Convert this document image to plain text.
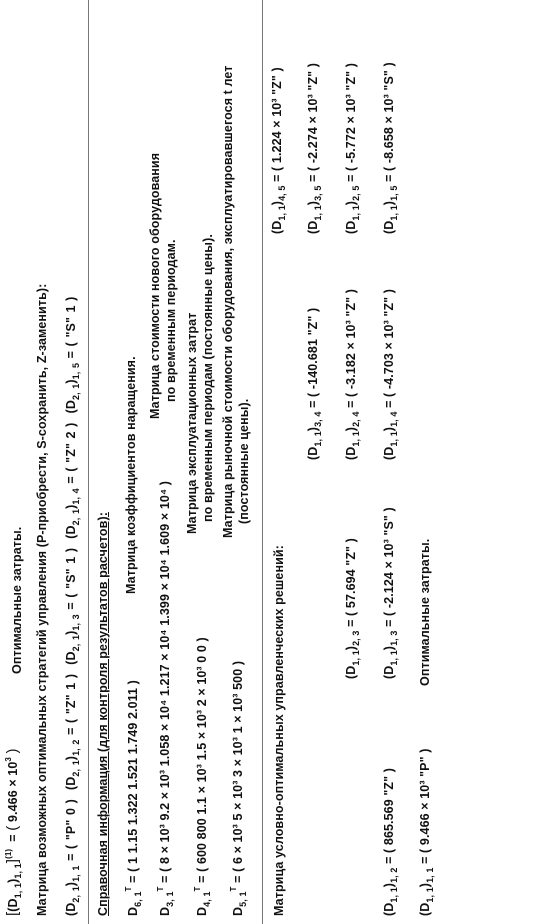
$[(D_{1, 1})_{1, 1}]^{(1)}$  = ( $9.466 \times 10^3$ )
Оптимальные затраты. Матрица возможных оптимальных стратегий управления (P-приобрести, S-сохранить, Z-заменить): $(D_{2, 1})_{1, 1}$ = ( "P" 0 )  $(D_{2, 1})_{1, 2}$ = ( "Z" 1 )  $(D_{2, 1})_{1, 3}$ = ( "S" 1 )  $(D_{2, 1})_{1, 4}$ = ( "Z" 2 )  $(D_{2, 1})_{1, 5}$ = ( "S" 1 )
Справочная информация (для контроля результатов расчетов): $D_{6, 1}^T$ = ( 1 1.15 1.322 1.521 1.749 2.011 )
Матрица коэффициентов наращения.
$D_{3, 1}^T$ = ( 8 × 10³ 9.2 × 10³ 1.058 × 10⁴ 1.217 × 10⁴ 1.399 × 10⁴ 1.609 × 10⁴ )
Матрица стоимости нового оборудования по временным периодам.
$D_{4, 1}^T$ = ( 600 800 1.1 × 10³ 1.5 × 10³ 2 × 10³ 0 0 )
Матрица эксплуатационных затрат по временным периодам (постоянные цены).
$D_{5, 1}^T$ = ( 6 × 10³ 5 × 10³ 3 × 10³ 1 × 10³ 500 )
Матрица рыночной стоимости оборудования, эксплуатировавшегося t лет (постоянные цены).
Матрица условно-оптимальных управленческих решений:
$(D_{1, 1})_{4, 5}$ = ( 1.224 × 10³ "Z" )
$(D_{1, 1})_{3, 4}$ = ( -140.681 "Z" )
$(D_{1, 1})_{3, 5}$ = ( -2.274 × 10³ "Z" )
$(D_{1, 1})_{2, 3}$ = ( 57.694 "Z" )
$(D_{1, 1})_{2, 4}$ = ( -3.182 × 10³ "Z" )
$(D_{1, 1})_{2, 5}$ = ( -5.772 × 10³ "Z" )
$(D_{1, 1})_{1, 2}$ = ( 865.569 "Z" )
$(D_{1, 1})_{1, 3}$ = ( -2.124 × 10³ "S" )
$(D_{1, 1})_{1, 4}$ = ( -4.703 × 10³ "Z" )
$(D_{1, 1})_{1, 5}$ = ( -8.658 × 10³ "S" )
$(D_{1, 1})_{1, 1}$ = ( 9.466 × 10³ "P" )
Оптимальные затраты.
